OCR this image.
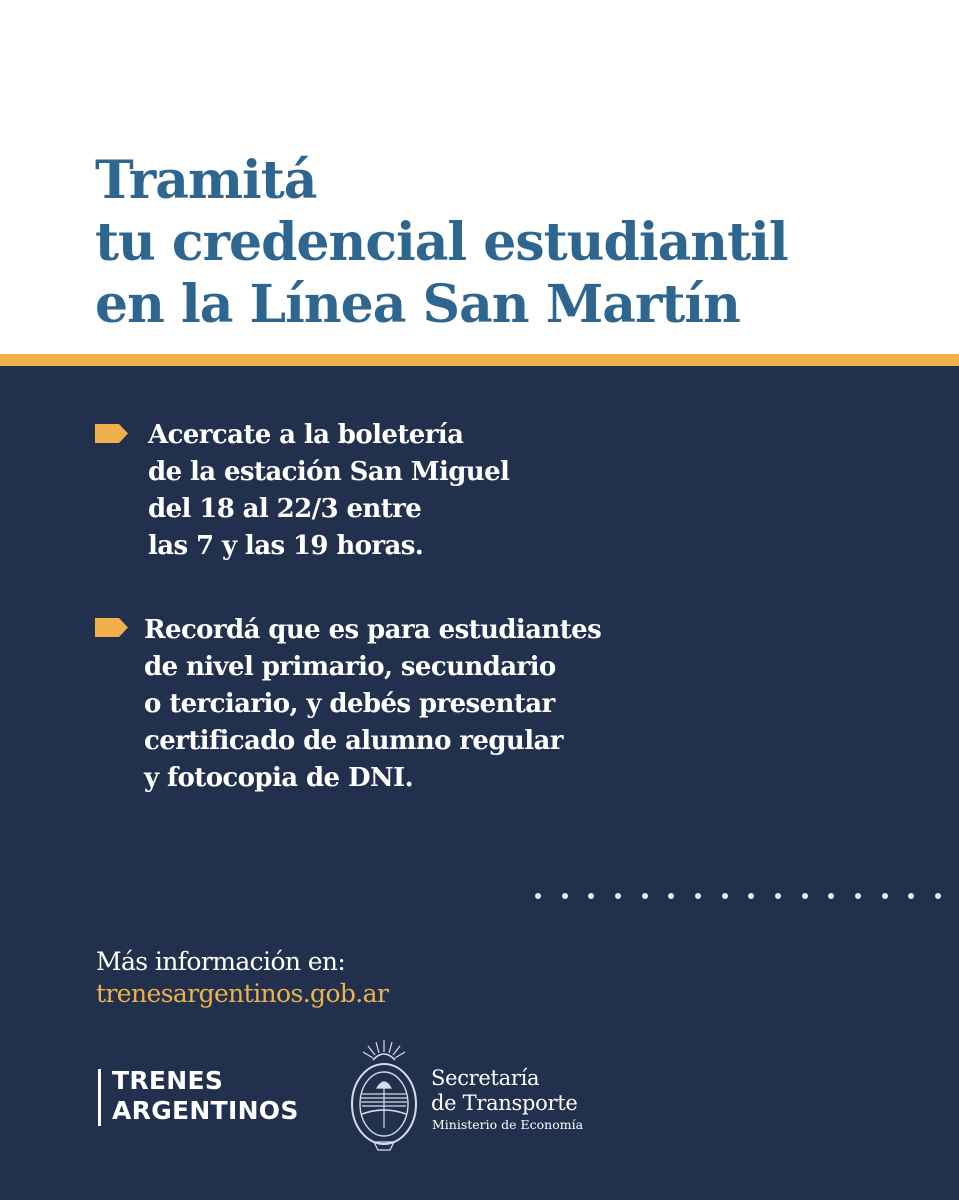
Tramitá
tu credencial estudiantil
en la Línea San Martín
Acercate a la boletería
de la estación San Miguel
del 18 al 22/3 entre
las 7 y las 19 horas.
Recordá que es para estudiantes
de nivel primario, secundario
o terciario, y debés presentar
certificado de alumno regular
y fotocopia de DNI.
Más información en:
trenesargentinos.gob.ar
TRENES
ARGENTINOS
Secretaría
de Transporte
Ministerio de Economía
